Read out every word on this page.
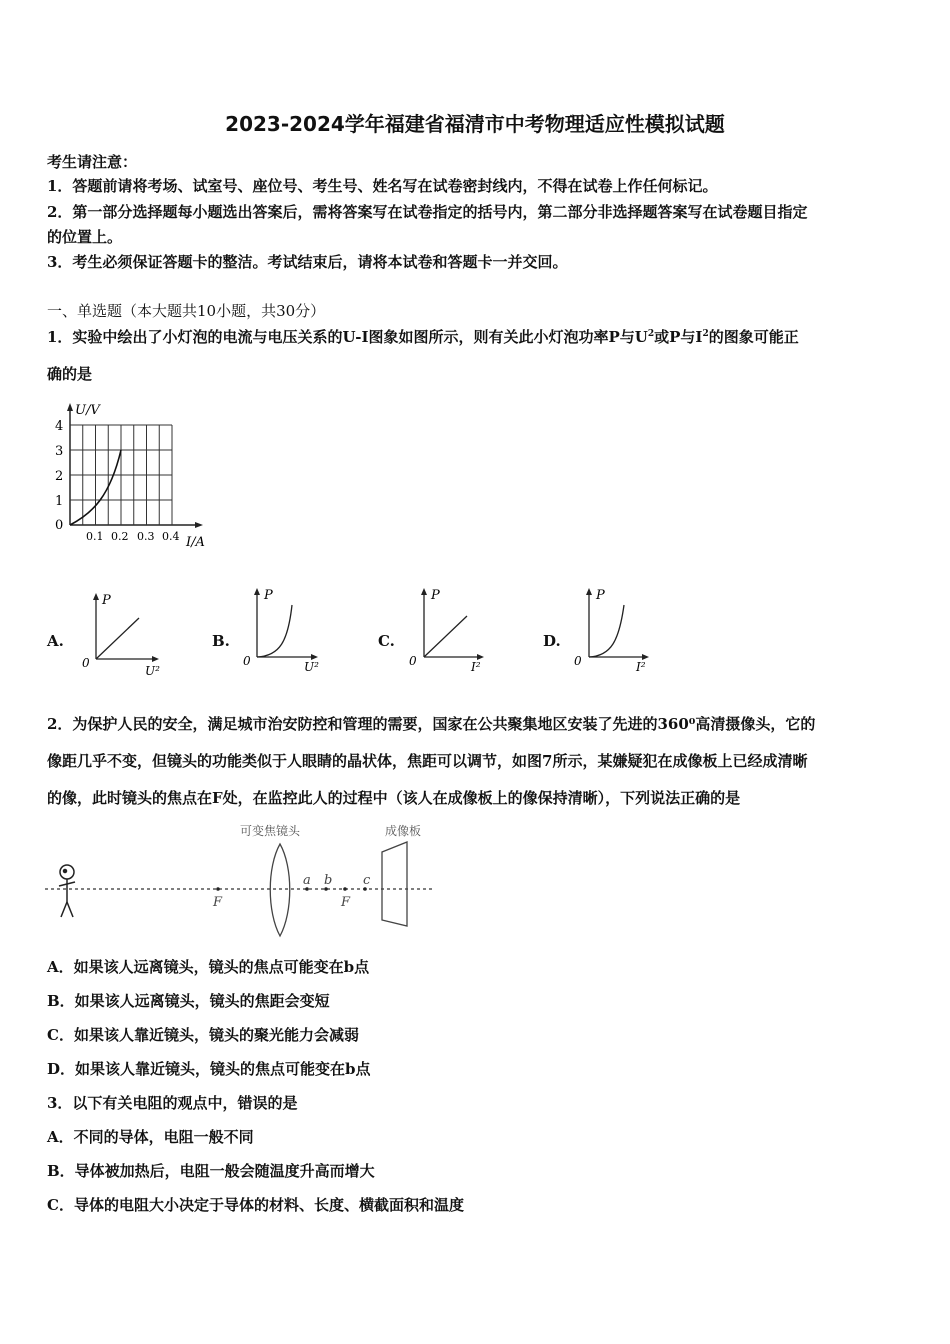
2023-2024学年福建省福清市中考物理适应性模拟试题
考生请注意：
1．答题前请将考场、试室号、座位号、考生号、姓名写在试卷密封线内，不得在试卷上作任何标记。
2．第一部分选择题每小题选出答案后，需将答案写在试卷指定的括号内，第二部分非选择题答案写在试卷题目指定
的位置上。
3．考生必须保证答题卡的整洁。考试结束后，请将本试卷和答题卡一并交回。
一、单选题（本大题共10小题，共30分）
1．实验中绘出了小灯泡的电流与电压关系的U-I图象如图所示，则有关此小灯泡功率P与$U^2$或P与$I^2$的图象可能正
确的是
U/V
I/A
4
3
2
1
0
0.1 0.2 0.3 0.4
A.
P
0
U²
B.
P
0	U²
C.
P
0	I²
D.
P
0	I²
2．为保护人民的安全，满足城市治安防控和管理的需要，国家在公共聚集地区安装了先进的360⁰高清摄像头，它的
像距几乎不变，但镜头的功能类似于人眼睛的晶状体，焦距可以调节，如图7所示，某嫌疑犯在成像板上已经成清晰
的像，此时镜头的焦点在F处，在监控此人的过程中（该人在成像板上的像保持清晰），下列说法正确的是
F	F
a b c
可变焦镜头	成像板
A．如果该人远离镜头，镜头的焦点可能变在b点
B．如果该人远离镜头，镜头的焦距会变短
C．如果该人靠近镜头，镜头的聚光能力会减弱
D．如果该人靠近镜头，镜头的焦点可能变在b点
3．以下有关电阻的观点中，错误的是
A．不同的导体，电阻一般不同
B．导体被加热后，电阻一般会随温度升高而增大
C．导体的电阻大小决定于导体的材料、长度、横截面积和温度
